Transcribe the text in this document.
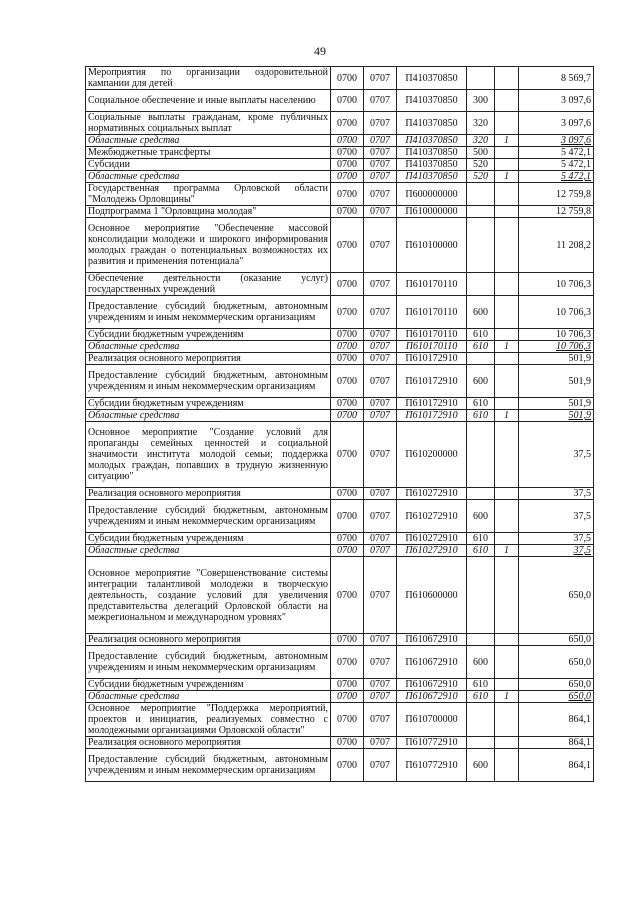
49
Мероприятия по организации оздоровительной кампании для детей	0700	0707	П410370850			8 569,7
Социальное обеспечение и иные выплаты населению	0700	0707	П410370850	300		3 097,6
Социальные выплаты гражданам, кроме публичных нормативных социальных выплат	0700	0707	П410370850	320		3 097,6
Областные средства	0700	0707	П410370850	320	1	3 097,6
Межбюджетные трансферты	0700	0707	П410370850	500		5 472,1
Субсидии	0700	0707	П410370850	520		5 472,1
Областные средства	0700	0707	П410370850	520	1	5 472,1
Государственная программа Орловской области "Молодежь Орловщины"	0700	0707	П600000000			12 759,8
Подпрограмма 1 "Орловщина молодая"	0700	0707	П610000000			12 759,8
Основное мероприятие "Обеспечение массовой консолидации молодежи и широкого информирования молодых граждан о потенциальных возможностях их развития и применения потенциала"	0700	0707	П610100000			11 208,2
Обеспечение деятельности (оказание услуг) государственных учреждений	0700	0707	П610170110			10 706,3
Предоставление субсидий бюджетным, автономным учреждениям и иным некоммерческим организациям	0700	0707	П610170110	600		10 706,3
Субсидии бюджетным учреждениям	0700	0707	П610170110	610		10 706,3
Областные средства	0700	0707	П610170110	610	1	10 706,3
Реализация основного мероприятия	0700	0707	П610172910			501,9
Предоставление субсидий бюджетным, автономным учреждениям и иным некоммерческим организациям	0700	0707	П610172910	600		501,9
Субсидии бюджетным учреждениям	0700	0707	П610172910	610		501,9
Областные средства	0700	0707	П610172910	610	1	501,9
Основное мероприятие "Создание условий для пропаганды семейных ценностей и социальной значимости института молодой семьи; поддержка молодых граждан, попавших в трудную жизненную ситуацию"	0700	0707	П610200000			37,5
Реализация основного мероприятия	0700	0707	П610272910			37,5
Предоставление субсидий бюджетным, автономным учреждениям и иным некоммерческим организациям	0700	0707	П610272910	600		37,5
Субсидии бюджетным учреждениям	0700	0707	П610272910	610		37,5
Областные средства	0700	0707	П610272910	610	1	37,5
Основное мероприятие "Совершенствование системы интеграции талантливой молодежи в творческую деятельность, создание условий для увеличения представительства делегаций Орловской области на межрегиональном и международном уровнях"	0700	0707	П610600000			650,0
Реализация основного мероприятия	0700	0707	П610672910			650,0
Предоставление субсидий бюджетным, автономным учреждениям и иным некоммерческим организациям	0700	0707	П610672910	600		650,0
Субсидии бюджетным учреждениям	0700	0707	П610672910	610		650,0
Областные средства	0700	0707	П610672910	610	1	650,0
Основное мероприятие "Поддержка мероприятий, проектов и инициатив, реализуемых совместно с молодежными организациями Орловской области"	0700	0707	П610700000			864,1
Реализация основного мероприятия	0700	0707	П610772910			864,1
Предоставление субсидий бюджетным, автономным учреждениям и иным некоммерческим организациям	0700	0707	П610772910	600		864,1
